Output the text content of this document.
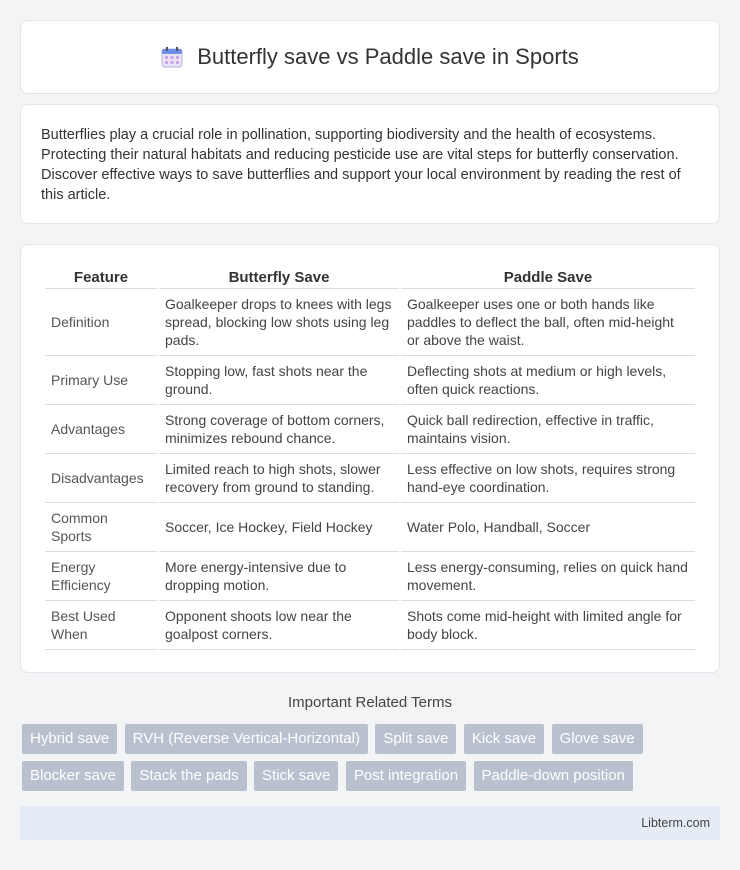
Butterfly save vs Paddle save in Sports

Butterflies play a crucial role in pollination, supporting biodiversity and the health of ecosystems. Protecting their natural habitats and reducing pesticide use are vital steps for butterfly conservation. Discover effective ways to save butterflies and support your local environment by reading the rest of this article.

Feature	Butterfly Save	Paddle Save
Definition	Goalkeeper drops to knees with legs spread, blocking low shots using leg pads.	Goalkeeper uses one or both hands like paddles to deflect the ball, often mid-height or above the waist.
Primary Use	Stopping low, fast shots near the ground.	Deflecting shots at medium or high levels, often quick reactions.
Advantages	Strong coverage of bottom corners, minimizes rebound chance.	Quick ball redirection, effective in traffic, maintains vision.
Disadvantages	Limited reach to high shots, slower recovery from ground to standing.	Less effective on low shots, requires strong hand-eye coordination.
Common Sports	Soccer, Ice Hockey, Field Hockey	Water Polo, Handball, Soccer
Energy Efficiency	More energy-intensive due to dropping motion.	Less energy-consuming, relies on quick hand movement.
Best Used When	Opponent shoots low near the goalpost corners.	Shots come mid-height with limited angle for body block.
Important Related Terms
Hybrid save RVH (Reverse Vertical-Horizontal) Split save Kick save Glove save Blocker save Stack the pads Stick save Post integration Paddle-down position
Libterm.com
